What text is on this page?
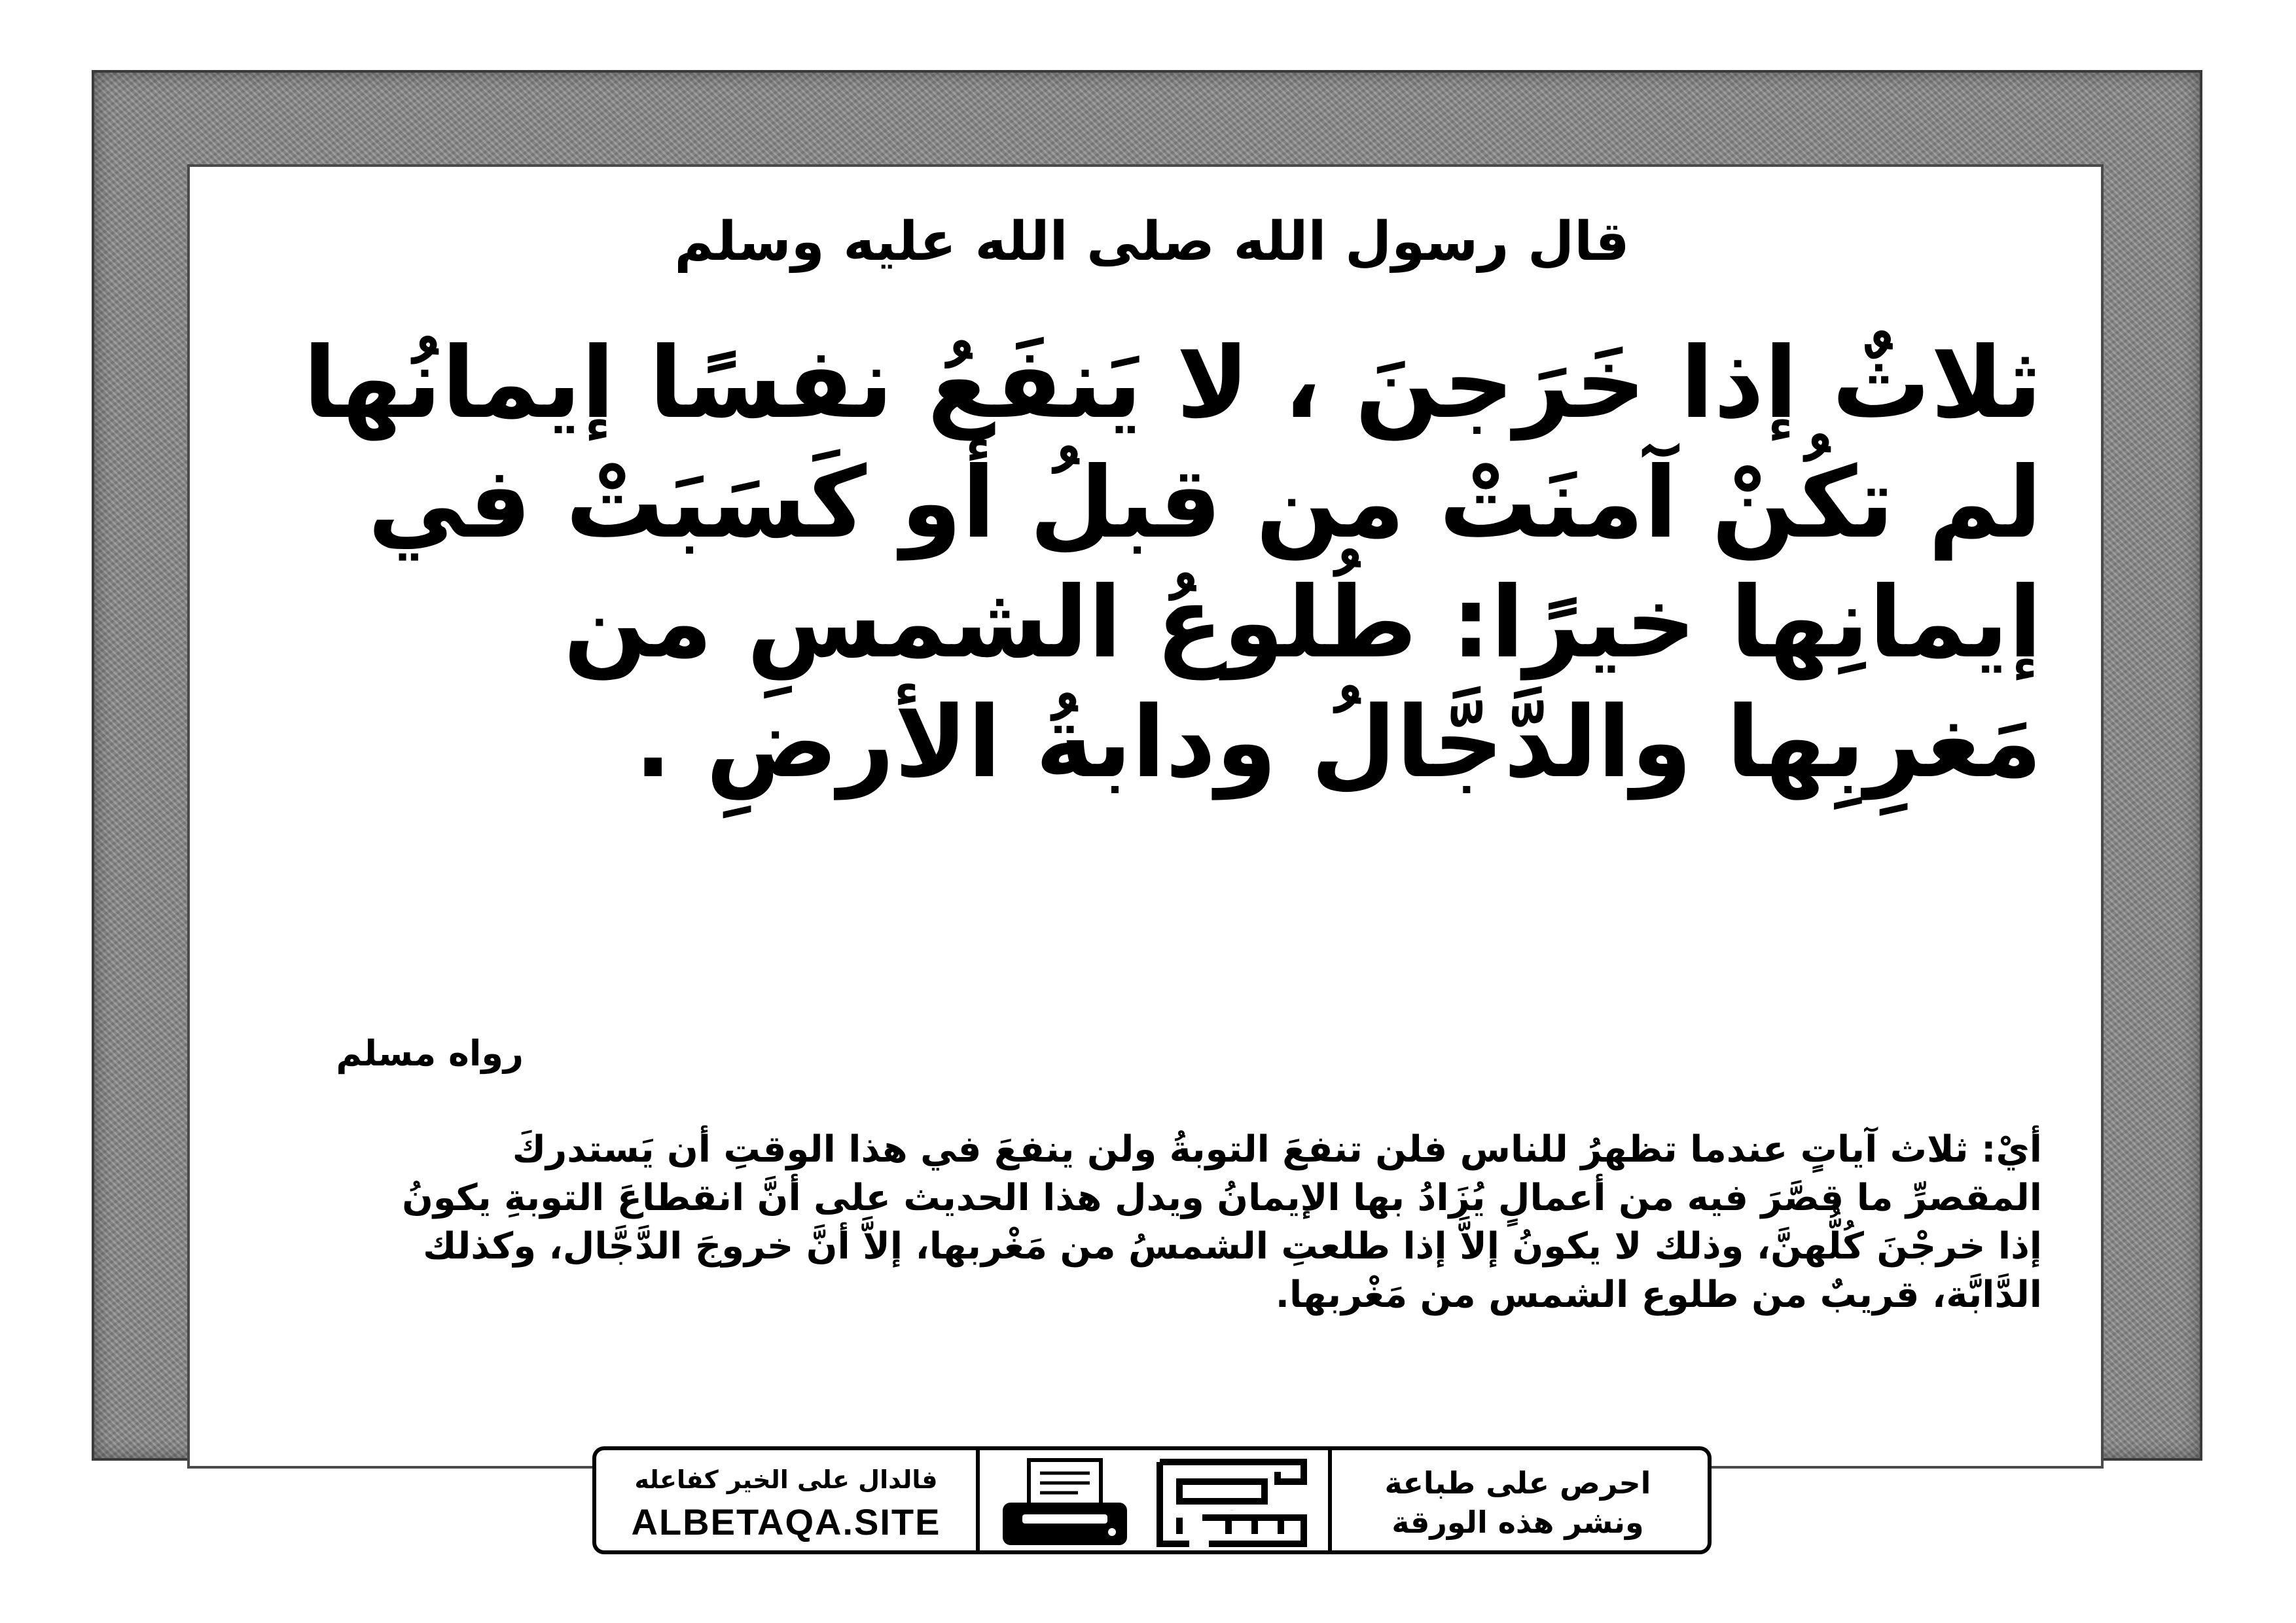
قال رسول الله صلى الله عليه وسلم
ثلاثٌ إذا خَرَجنَ ، لا يَنفَعُ نفسًا إيمانُها
لم تكُنْ آمنَتْ من قبلُ أو كَسَبَتْ في
إيمانِها خيرًا: طُلوعُ الشمسِ من
مَغرِبِها والدَّجَّالُ ودابةُ الأرضِ .
رواه مسلم
أيْ: ثلاث آياتٍ عندما تظهرُ للناس فلن تنفعَ التوبةُ ولن ينفعَ في هذا الوقتِ أن يَستدركَ
المقصرِّ ما قصَّرَ فيه من أعمالٍ يُزَادُ بها الإيمانُ ويدل هذا الحديث على أنَّ انقطاعَ التوبةِ يكونُ
إذا خرجْنَ كُلُّهنَّ، وذلك لا يكونُ إلاَّ إذا طلعتِ الشمسُ من مَغْربها، إلاَّ أنَّ خروجَ الدَّجَّال، وكذلك
الدَّابَّة، قريبٌ من طلوع الشمس من مَغْربها.
فالدال على الخير كفاعله
ALBETAQA.SITE	دعوة الورقة
احرص على طباعة
ونشر هذه الورقة
